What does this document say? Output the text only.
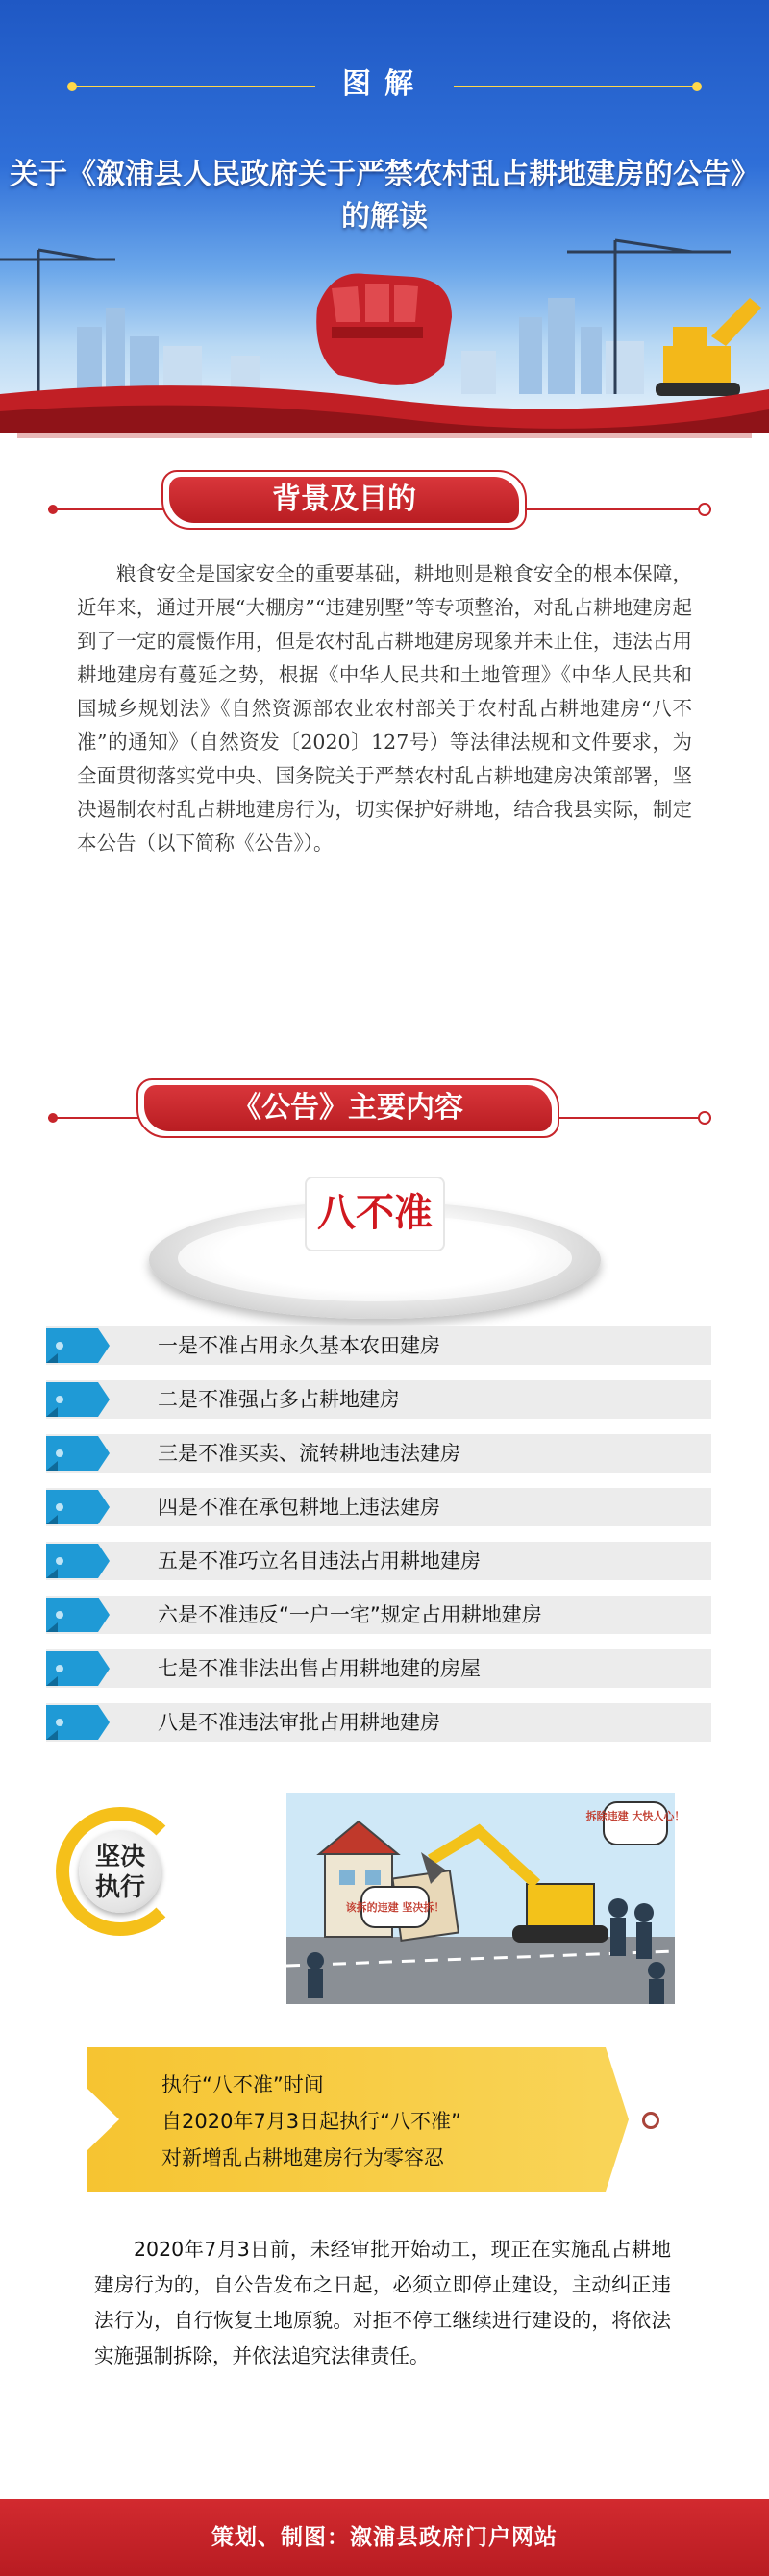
图解
关于《溆浦县人民政府关于严禁农村乱占耕地建房的公告》的解读
背景及目的
粮食安全是国家安全的重要基础，耕地则是粮食安全的根本保障，近年来，通过开展“大棚房”“违建别墅”等专项整治，对乱占耕地建房起到了一定的震慑作用，但是农村乱占耕地建房现象并未止住，违法占用耕地建房有蔓延之势，根据《中华人民共和土地管理》《中华人民共和国城乡规划法》《自然资源部农业农村部关于农村乱占耕地建房“八不准”的通知》（自然资发〔2020〕127号）等法律法规和文件要求，为全面贯彻落实党中央、国务院关于严禁农村乱占耕地建房决策部署，坚决遏制农村乱占耕地建房行为，切实保护好耕地，结合我县实际，制定本公告（以下简称《公告》）。
《公告》主要内容
八不准
一是不准占用永久基本农田建房
二是不准强占多占耕地建房
三是不准买卖、流转耕地违法建房
四是不准在承包耕地上违法建房
五是不准巧立名目违法占用耕地建房
六是不准违反“一户一宅”规定占用耕地建房
七是不准非法出售占用耕地建的房屋
八是不准违法审批占用耕地建房
坚决
执行
拆除违建 大快人心！
该拆的违建 坚决拆！
执行“八不准”时间
自2020年7月3日起执行“八不准”
对新增乱占耕地建房行为零容忍
2020年7月3日前，未经审批开始动工，现正在实施乱占耕地建房行为的，自公告发布之日起，必须立即停止建设，主动纠正违法行为，自行恢复土地原貌。对拒不停工继续进行建设的，将依法实施强制拆除，并依法追究法律责任。
策划、制图：溆浦县政府门户网站
